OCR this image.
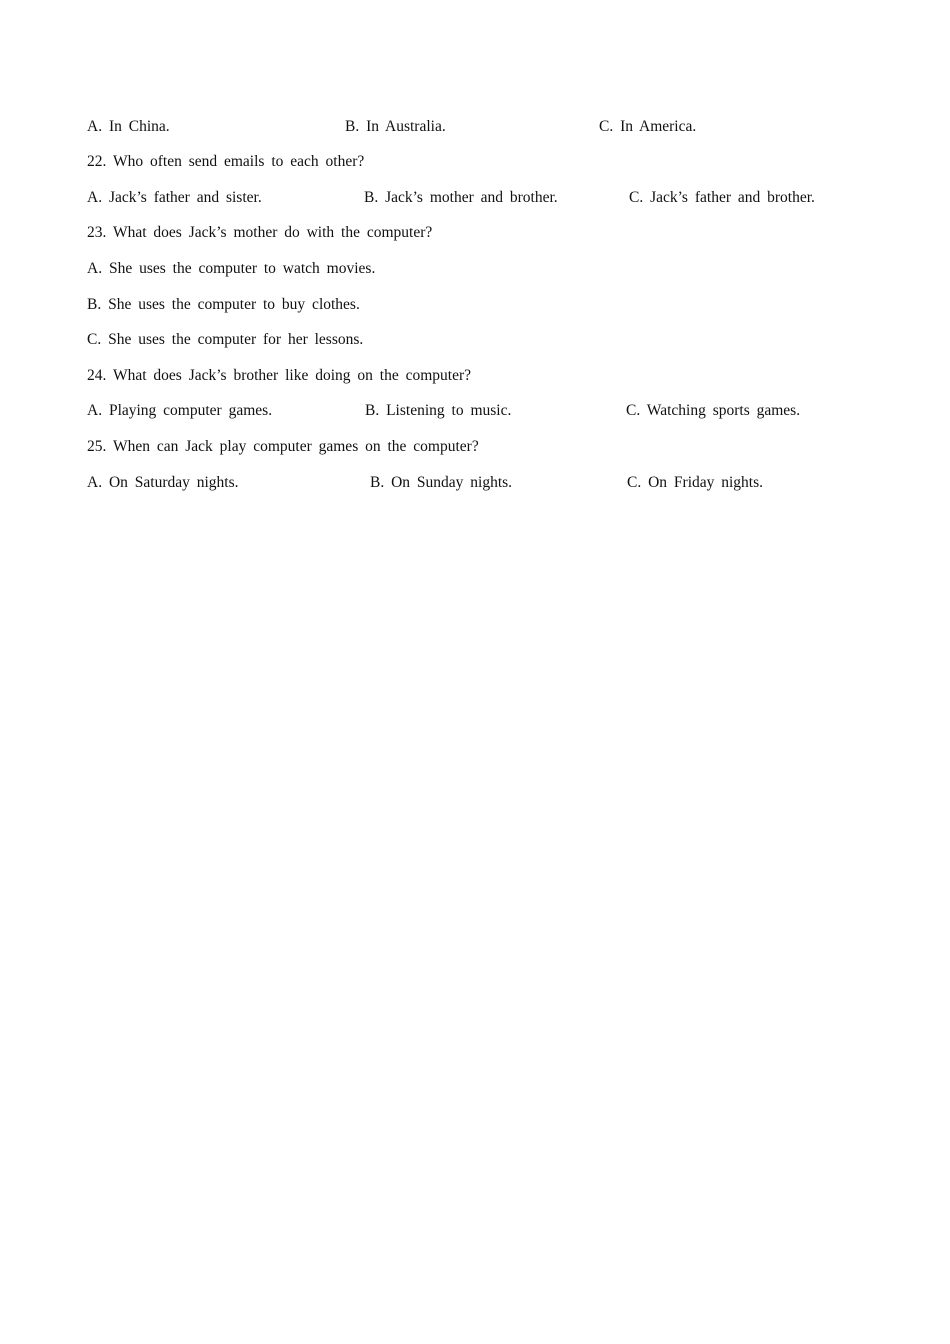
A. In China.	B. In Australia.	C. In America.
22. Who often send emails to each other?
A. Jack’s father and sister.	B. Jack’s mother and brother.	C. Jack’s father and brother.
23. What does Jack’s mother do with the computer?
A. She uses the computer to watch movies.
B. She uses the computer to buy clothes.
C. She uses the computer for her lessons.
24. What does Jack’s brother like doing on the computer?
A. Playing computer games.	B. Listening to music.	C. Watching sports games.
25. When can Jack play computer games on the computer?
A. On Saturday nights.	B. On Sunday nights.	C. On Friday nights.
